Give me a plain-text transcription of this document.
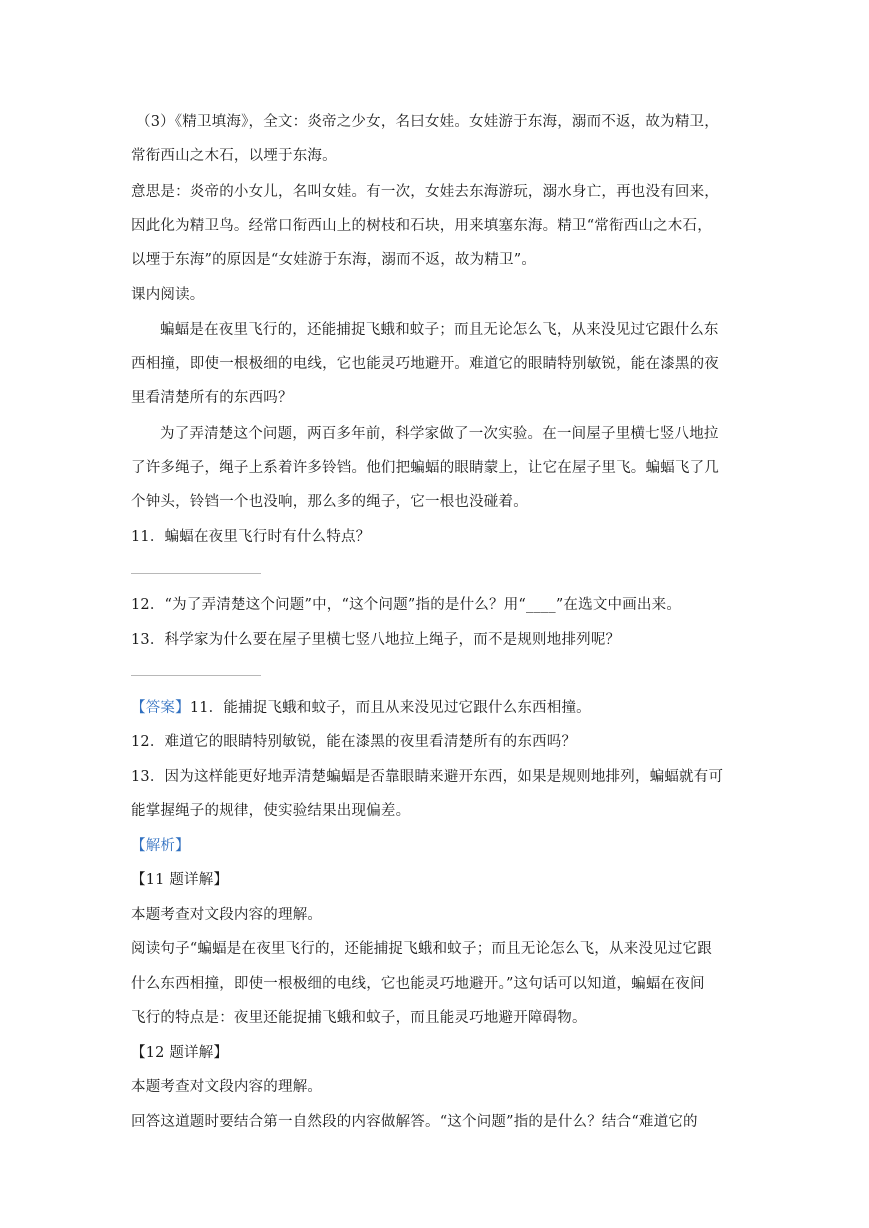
（3）《精卫填海》，全文：炎帝之少女，名曰女娃。女娃游于东海，溺而不返，故为精卫，
常衔西山之木石，以堙于东海。
意思是：炎帝的小女儿，名叫女娃。有一次，女娃去东海游玩，溺水身亡，再也没有回来，
因此化为精卫鸟。经常口衔西山上的树枝和石块，用来填塞东海。精卫“常衔西山之木石，
以堙于东海”的原因是“女娃游于东海，溺而不返，故为精卫”。
课内阅读。
蝙蝠是在夜里飞行的，还能捕捉飞蛾和蚊子；而且无论怎么飞，从来没见过它跟什么东
西相撞，即使一根极细的电线，它也能灵巧地避开。难道它的眼睛特别敏锐，能在漆黑的夜
里看清楚所有的东西吗？
为了弄清楚这个问题，两百多年前，科学家做了一次实验。在一间屋子里横七竖八地拉
了许多绳子，绳子上系着许多铃铛。他们把蝙蝠的眼睛蒙上，让它在屋子里飞。蝙蝠飞了几
个钟头，铃铛一个也没响，那么多的绳子，它一根也没碰着。
11．蝙蝠在夜里飞行时有什么特点？
12．“为了弄清楚这个问题”中，“这个问题”指的是什么？用“____”在选文中画出来。
13．科学家为什么要在屋子里横七竖八地拉上绳子，而不是规则地排列呢？
【答案】11．能捕捉飞蛾和蚊子，而且从来没见过它跟什么东西相撞。
12．难道它的眼睛特别敏锐，能在漆黑的夜里看清楚所有的东西吗？
13．因为这样能更好地弄清楚蝙蝠是否靠眼睛来避开东西，如果是规则地排列，蝙蝠就有可
能掌握绳子的规律，使实验结果出现偏差。
【解析】
【11 题详解】
本题考查对文段内容的理解。
阅读句子“蝙蝠是在夜里飞行的，还能捕捉飞蛾和蚊子；而且无论怎么飞，从来没见过它跟
什么东西相撞，即使一根极细的电线，它也能灵巧地避开。”这句话可以知道，蝙蝠在夜间
飞行的特点是：夜里还能捉捕飞蛾和蚊子，而且能灵巧地避开障碍物。
【12 题详解】
本题考查对文段内容的理解。
回答这道题时要结合第一自然段的内容做解答。“这个问题”指的是什么？结合“难道它的
